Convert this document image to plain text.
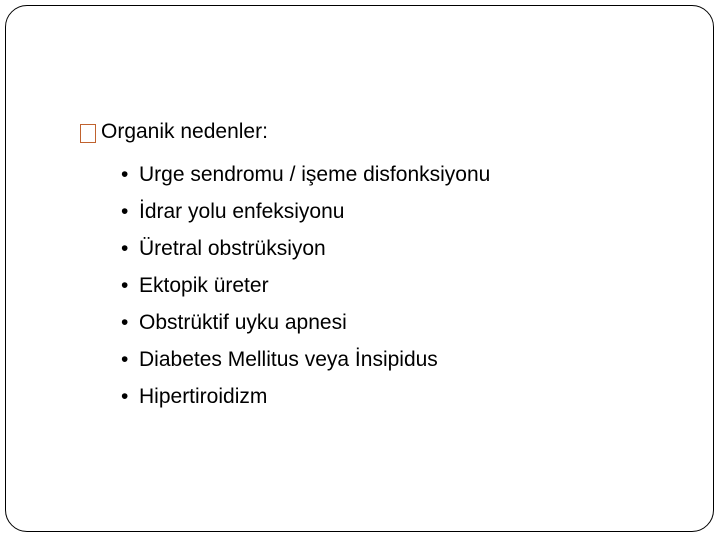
Organik nedenler:
• Urge sendromu / işeme disfonksiyonu
• İdrar yolu enfeksiyonu
• Üretral obstrüksiyon
• Ektopik üreter
• Obstrüktif uyku apnesi
• Diabetes Mellitus veya İnsipidus
• Hipertiroidizm
